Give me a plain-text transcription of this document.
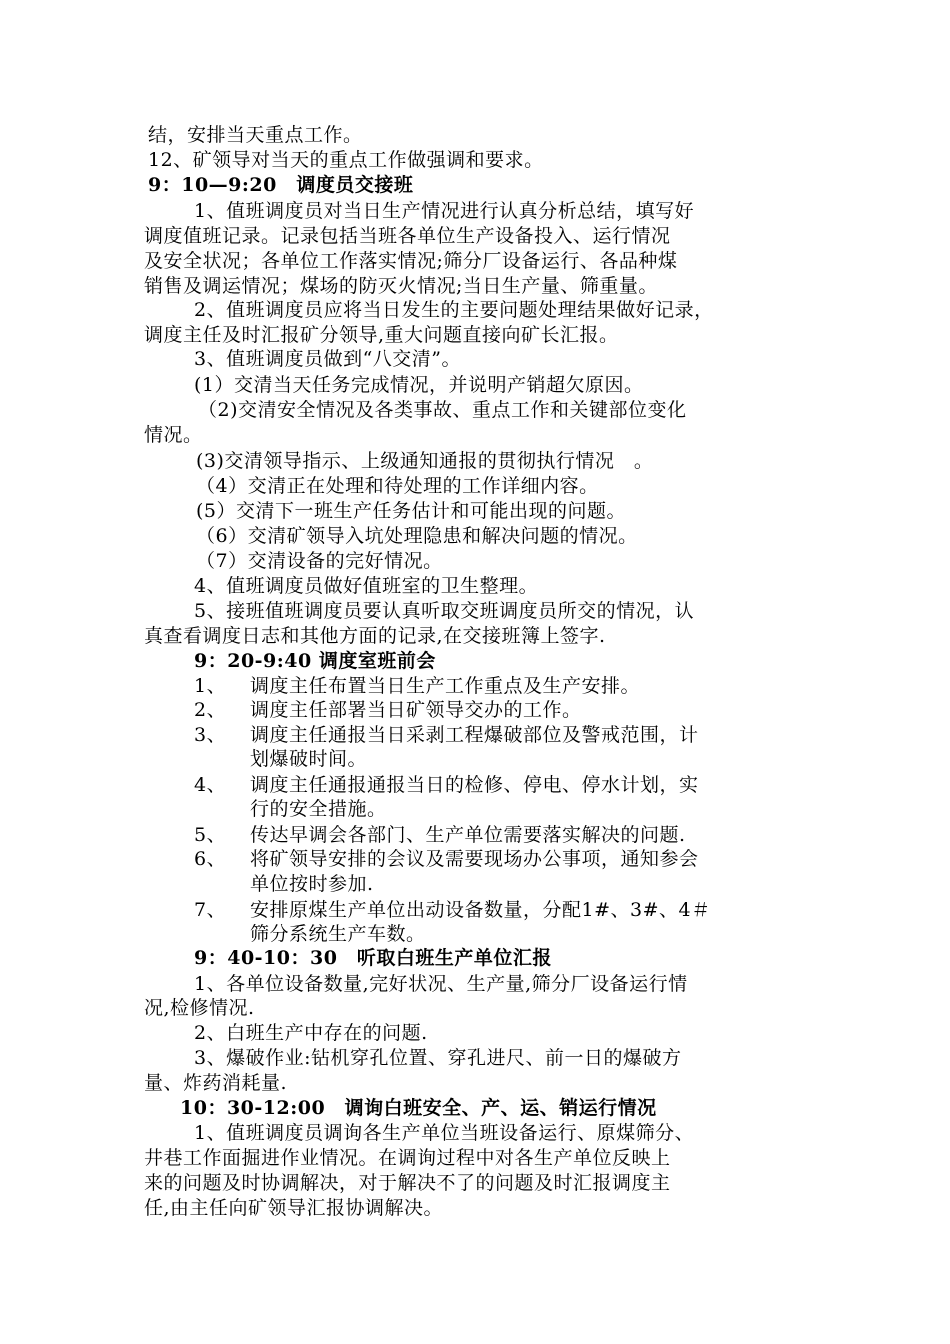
结，安排当天重点工作。
12、矿领导对当天的重点工作做强调和要求。
9：10—9:20　调度员交接班
1、值班调度员对当日生产情况进行认真分析总结，填写好
调度值班记录。记录包括当班各单位生产设备投入、运行情况
及安全状况；各单位工作落实情况;筛分厂设备运行、各品种煤
销售及调运情况；煤场的防灭火情况;当日生产量、筛重量。
2、值班调度员应将当日发生的主要问题处理结果做好记录，
调度主任及时汇报矿分领导,重大问题直接向矿长汇报。
3、值班调度员做到“八交清”。
(1）交清当天任务完成情况，并说明产销超欠原因。
（2)交清安全情况及各类事故、重点工作和关键部位变化
情况。
(3)交清领导指示、上级通知通报的贯彻执行情况　。
（4）交清正在处理和待处理的工作详细内容。
(5）交清下一班生产任务估计和可能出现的问题。
（6）交清矿领导入坑处理隐患和解决问题的情况。
（7）交清设备的完好情况。
4、值班调度员做好值班室的卫生整理。
5、接班值班调度员要认真听取交班调度员所交的情况，认
真查看调度日志和其他方面的记录,在交接班簿上签字.
9：20-9:40 调度室班前会
1、 调度主任布置当日生产工作重点及生产安排。
2、 调度主任部署当日矿领导交办的工作。
3、 调度主任通报当日采剥工程爆破部位及警戒范围，计
划爆破时间。
4、 调度主任通报通报当日的检修、停电、停水计划，实
行的安全措施。
5、 传达早调会各部门、生产单位需要落实解决的问题.
6、 将矿领导安排的会议及需要现场办公事项，通知参会
单位按时参加.
7、 安排原煤生产单位出动设备数量，分配1#、3#、4＃
筛分系统生产车数。
9：40-10：30　听取白班生产单位汇报
1、各单位设备数量,完好状况、生产量,筛分厂设备运行情
况,检修情况.
2、白班生产中存在的问题.
3、爆破作业:钻机穿孔位置、穿孔进尺、前一日的爆破方
量、炸药消耗量.
10：30-12:00　调询白班安全、产、运、销运行情况
1、值班调度员调询各生产单位当班设备运行、原煤筛分、
井巷工作面掘进作业情况。在调询过程中对各生产单位反映上
来的问题及时协调解决，对于解决不了的问题及时汇报调度主
任,由主任向矿领导汇报协调解决。
